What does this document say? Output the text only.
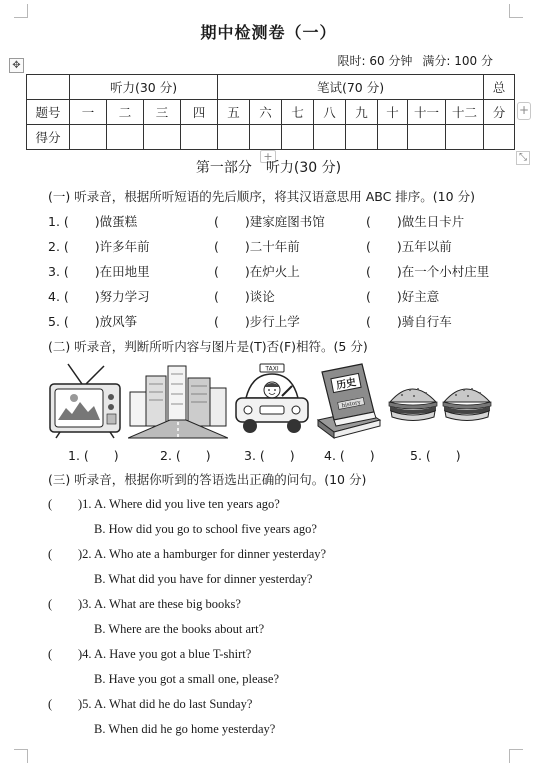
期中检测卷（一）
限时: 60 分钟 满分: 100 分
✥
+
+	⤡
	听力(30 分)				笔试(70 分)								总
题号	一	二	三	四	五	六	七	八	九	十	十一	十二	分
得分													
第一部分　听力(30 分)
(一) 听录音，根据所听短语的先后顺序，将其汉语意思用 ABC 排序。(10 分)
1. ( )做蛋糕	( )建家庭图书馆	( )做生日卡片
2. ( )许多年前	( )二十年前	( )五年以前
3. ( )在田地里	( )在炉火上	( )在一个小村庄里
4. ( )努力学习	( )谈论	( )好主意
5. ( )放风筝	( )步行上学	( )骑自行车
(二) 听录音，判断所听内容与图片是(T)否(F)相符。(5 分)
TAXI
历史
history
1. (　　)	2. (　　)	3. (　　) 4. (　　)	5. (　　)
(三) 听录音，根据你听到的答语选出正确的问句。(10 分)
( )1. A. Where did you live ten years ago?
B. How did you go to school five years ago?
( )2. A. Who ate a hamburger for dinner yesterday?
B. What did you have for dinner yesterday?
( )3. A. What are these big books?
B. Where are the books about art?
( )4. A. Have you got a blue T-shirt?
B. Have you got a small one, please?
( )5. A. What did he do last Sunday?
B. When did he go home yesterday?
